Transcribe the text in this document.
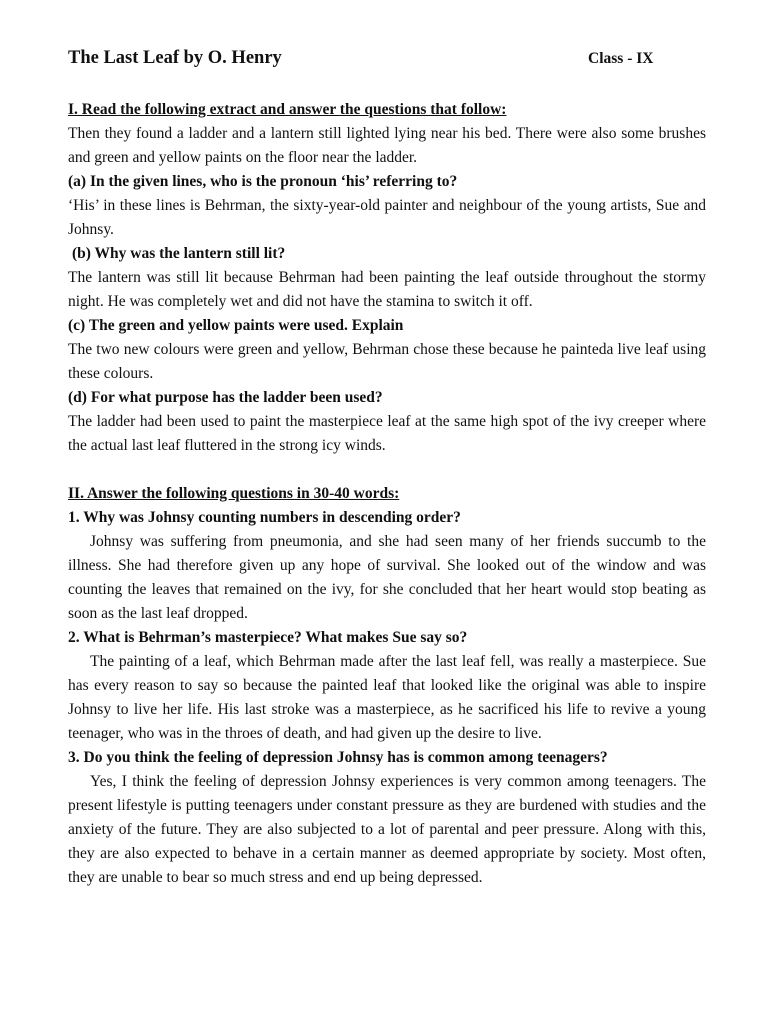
The Last Leaf by O. Henry	Class - IX

I. Read the following extract and answer the questions that follow:

Then they found a ladder and a lantern still lighted lying near his bed. There were also some brushes and green and yellow paints on the floor near the ladder.

(a) In the given lines, who is the pronoun ‘his’ referring to?

‘His’ in these lines is Behrman, the sixty-year-old painter and neighbour of the young artists, Sue and Johnsy.

(b) Why was the lantern still lit?

The lantern was still lit because Behrman had been painting the leaf outside throughout the stormy night. He was completely wet and did not have the stamina to switch it off.

(c) The green and yellow paints were used. Explain

The two new colours were green and yellow, Behrman chose these because he painteda live leaf using these colours.

(d) For what purpose has the ladder been used?

The ladder had been used to paint the masterpiece leaf at the same high spot of the ivy creeper where the actual last leaf fluttered in the strong icy winds.

II. Answer the following questions in 30-40 words:

1. Why was Johnsy counting numbers in descending order?

Johnsy was suffering from pneumonia, and she had seen many of her friends succumb to the illness. She had therefore given up any hope of survival. She looked out of the window and was counting the leaves that remained on the ivy, for she concluded that her heart would stop beating as soon as the last leaf dropped.

2. What is Behrman’s masterpiece? What makes Sue say so?

The painting of a leaf, which Behrman made after the last leaf fell, was really a masterpiece. Sue has every reason to say so because the painted leaf that looked like the original was able to inspire Johnsy to live her life. His last stroke was a masterpiece, as he sacrificed his life to revive a young teenager, who was in the throes of death, and had given up the desire to live.

3. Do you think the feeling of depression Johnsy has is common among teenagers?

Yes, I think the feeling of depression Johnsy experiences is very common among teenagers. The present lifestyle is putting teenagers under constant pressure as they are burdened with studies and the anxiety of the future. They are also subjected to a lot of parental and peer pressure. Along with this, they are also expected to behave in a certain manner as deemed appropriate by society. Most often, they are unable to bear so much stress and end up being depressed.
